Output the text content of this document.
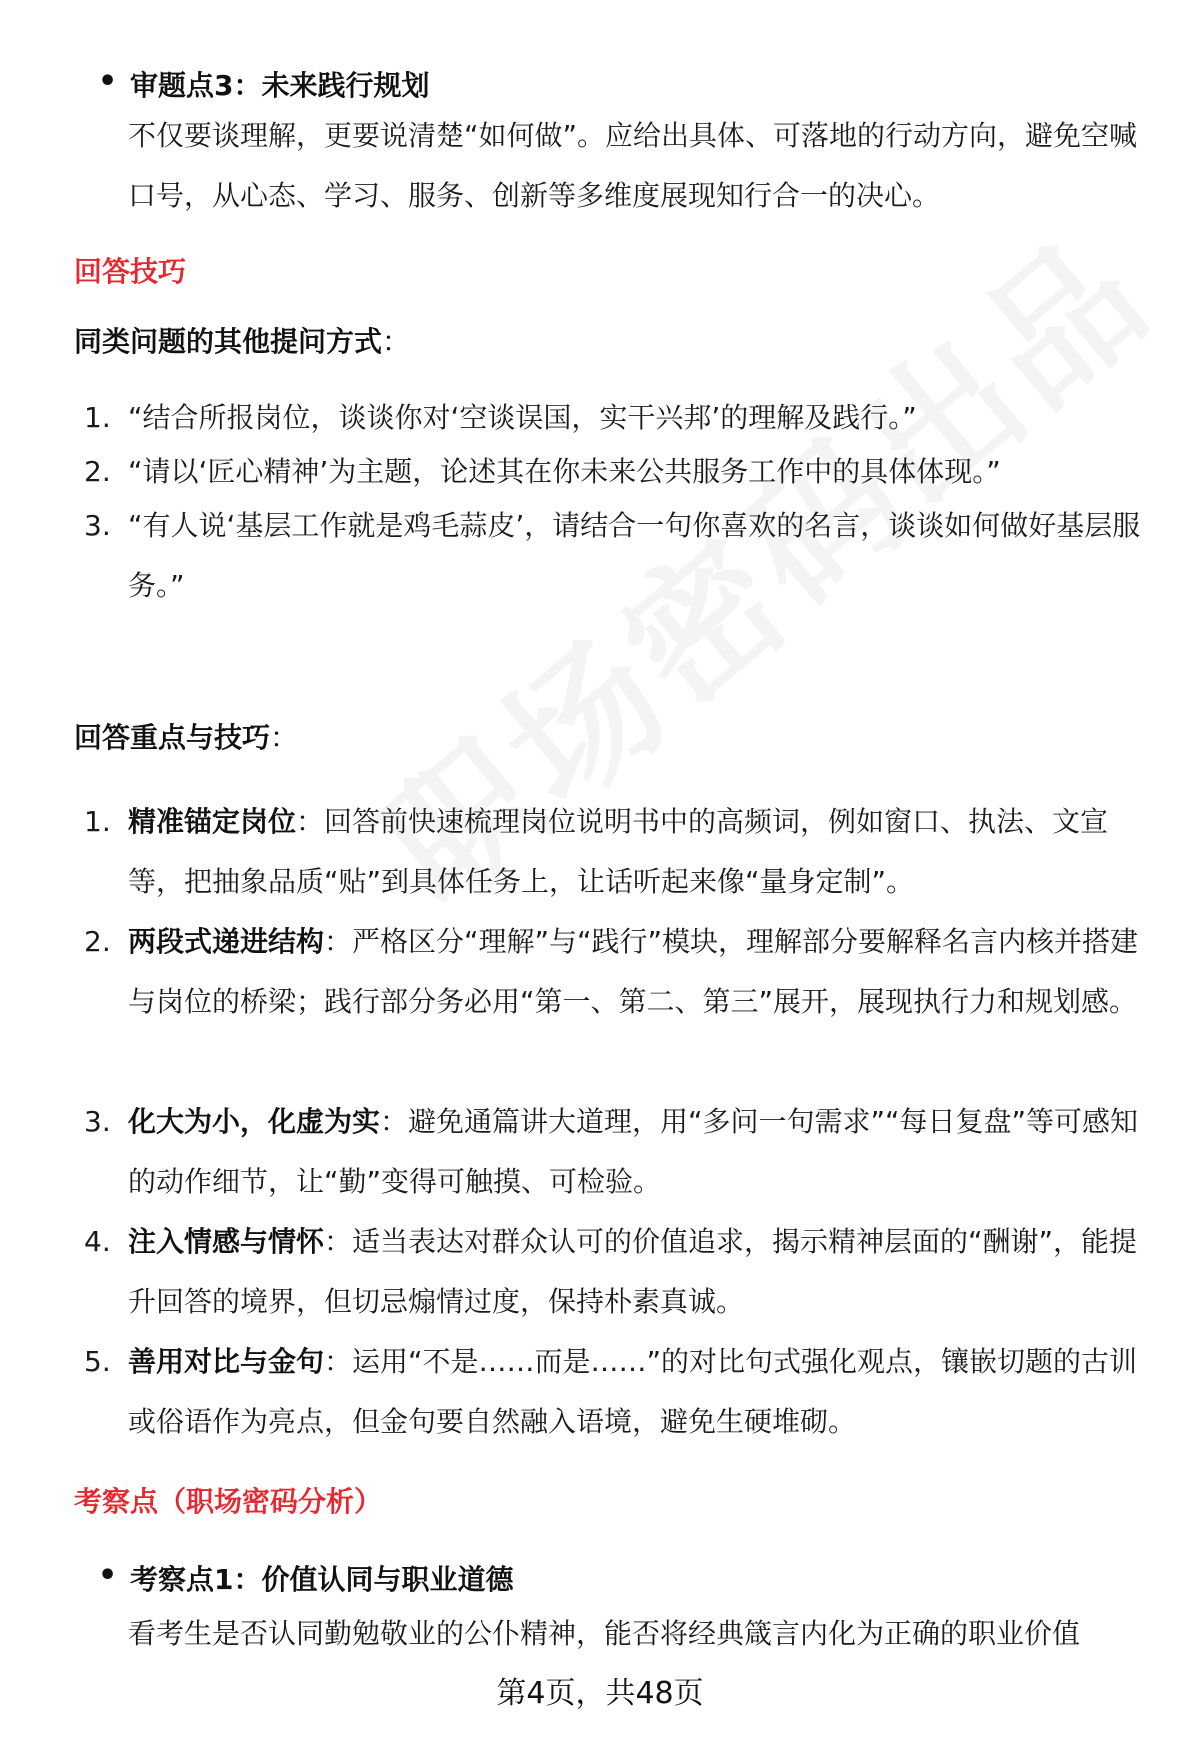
• 审题点3：未来践行规划
不仅要谈理解，更要说清楚“如何做”。应给出具体、可落地的行动方向，避免空喊口号，从心态、学习、服务、创新等多维度展现知行合一的决心。
回答技巧
同类问题的其他提问方式：
1. “结合所报岗位，谈谈你对‘空谈误国，实干兴邦’的理解及践行。”
2. “请以‘匠心精神’为主题，论述其在你未来公共服务工作中的具体体现。”
3. “有人说‘基层工作就是鸡毛蒜皮’，请结合一句你喜欢的名言，谈谈如何做好基层服务。”
回答重点与技巧：
1. 精准锚定岗位：回答前快速梳理岗位说明书中的高频词，例如窗口、执法、文宣等，把抽象品质“贴”到具体任务上，让话听起来像“量身定制”。
2. 两段式递进结构：严格区分“理解”与“践行”模块，理解部分要解释名言内核并搭建与岗位的桥梁；践行部分务必用“第一、第二、第三”展开，展现执行力和规划感。
3. 化大为小，化虚为实：避免通篇讲大道理，用“多问一句需求”“每日复盘”等可感知的动作细节，让“勤”变得可触摸、可检验。
4. 注入情感与情怀：适当表达对群众认可的价值追求，揭示精神层面的“酬谢”，能提升回答的境界，但切忌煽情过度，保持朴素真诚。
5. 善用对比与金句：运用“不是……而是……”的对比句式强化观点，镶嵌切题的古训或俗语作为亮点，但金句要自然融入语境，避免生硬堆砌。
考察点（职场密码分析）
• 考察点1：价值认同与职业道德
看考生是否认同勤勉敬业的公仆精神，能否将经典箴言内化为正确的职业价值
第4页，共48页
